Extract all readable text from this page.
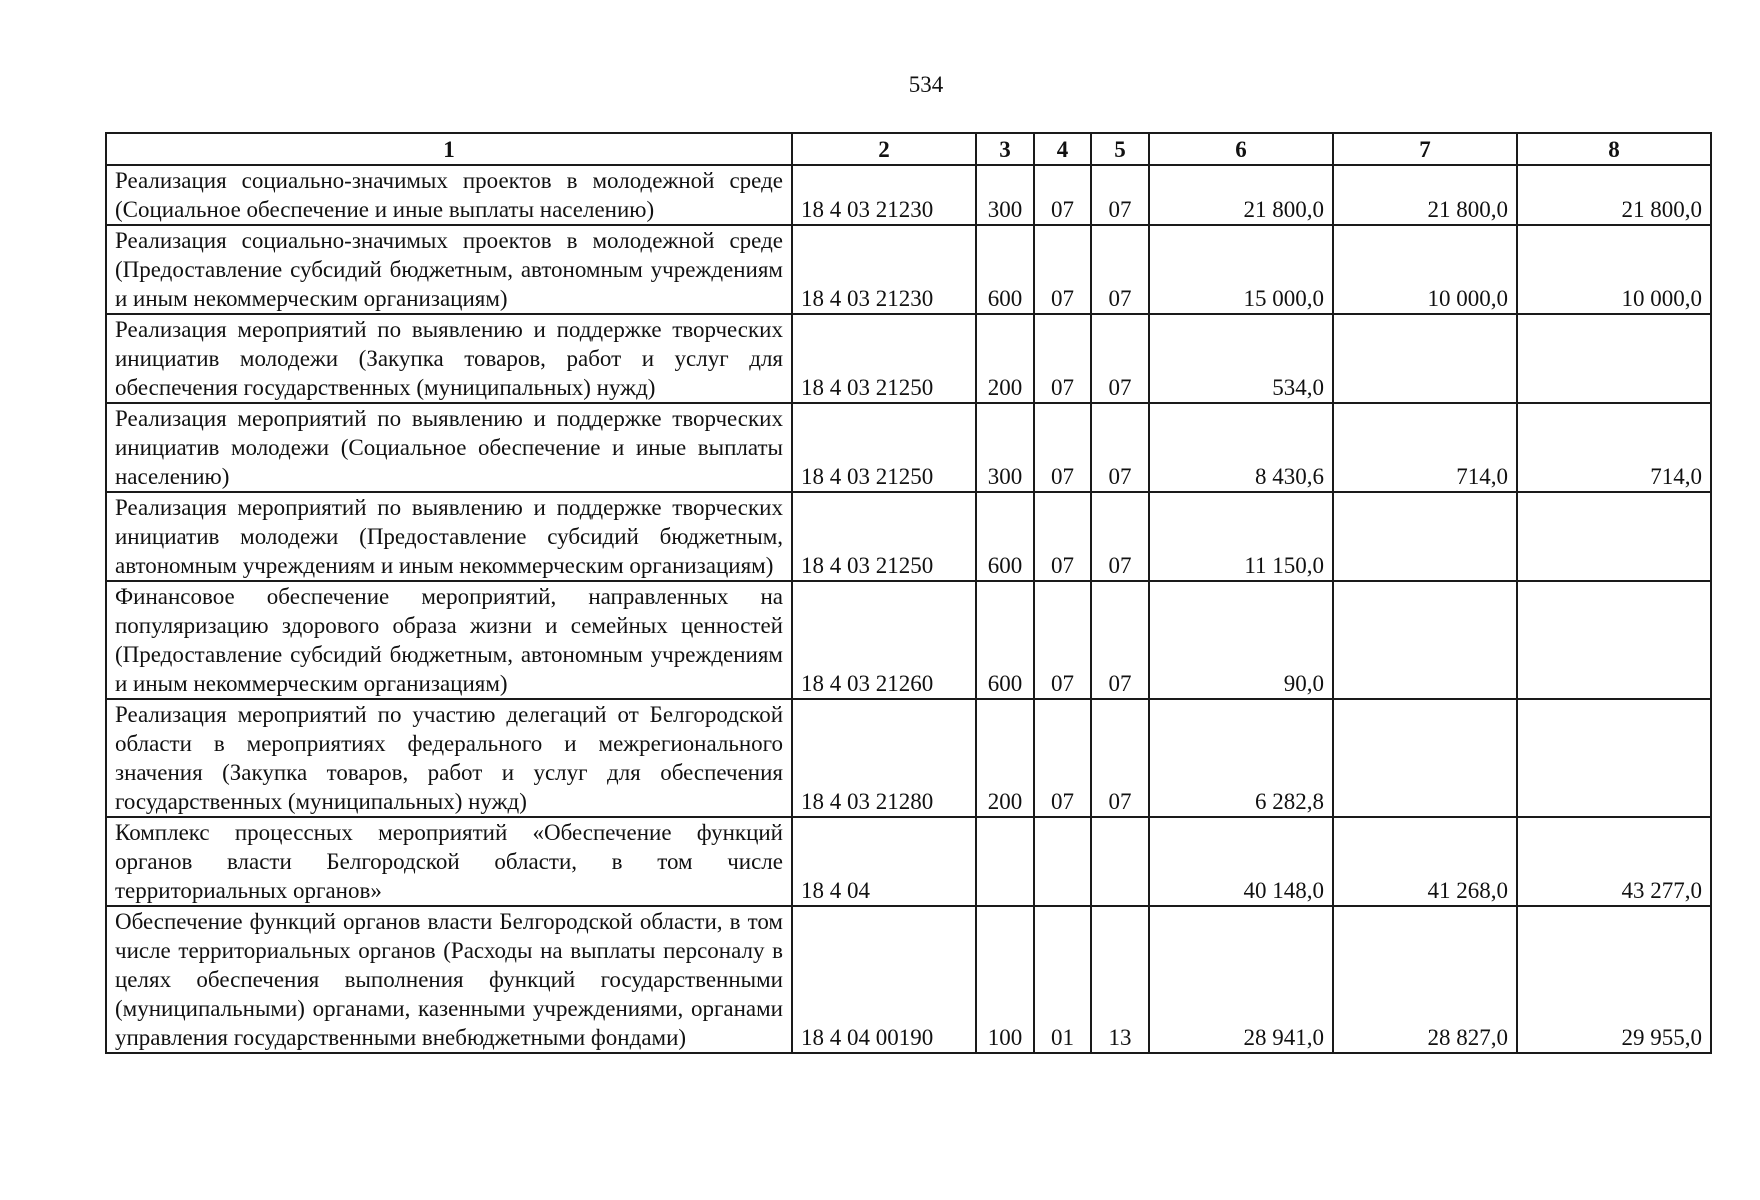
534
1	2	3	4	5	6	7	8
Реализация социально-значимых проектов в молодежной среде (Социальное обеспечение и иные выплаты населению)	18 4 03 21230	300	07	07	21 800,0	21 800,0	21 800,0
Реализация социально-значимых проектов в молодежной среде (Предоставление субсидий бюджетным, автономным учреждениям и иным некоммерческим организациям)	18 4 03 21230	600	07	07	15 000,0	10 000,0	10 000,0
Реализация мероприятий по выявлению и поддержке творческих инициатив молодежи (Закупка товаров, работ и услуг для обеспечения государственных (муниципальных) нужд)	18 4 03 21250	200	07	07	534,0		
Реализация мероприятий по выявлению и поддержке творческих инициатив молодежи (Социальное обеспечение и иные выплаты населению)	18 4 03 21250	300	07	07	8 430,6	714,0	714,0
Реализация мероприятий по выявлению и поддержке творческих инициатив молодежи (Предоставление субсидий бюджетным, автономным учреждениям и иным некоммерческим организациям)	18 4 03 21250	600	07	07	11 150,0		
Финансовое обеспечение мероприятий, направленных на популяризацию здорового образа жизни и семейных ценностей (Предоставление субсидий бюджетным, автономным учреждениям и иным некоммерческим организациям)	18 4 03 21260	600	07	07	90,0		
Реализация мероприятий по участию делегаций от Белгородской области в мероприятиях федерального и межрегионального значения (Закупка товаров, работ и услуг для обеспечения государственных (муниципальных) нужд)	18 4 03 21280	200	07	07	6 282,8		
Комплекс процессных мероприятий «Обеспечение функций органов власти Белгородской области, в том числе территориальных органов»	18 4 04				40 148,0	41 268,0	43 277,0
Обеспечение функций органов власти Белгородской области, в том числе территориальных органов (Расходы на выплаты персоналу в целях обеспечения выполнения функций государственными (муниципальными) органами, казенными учреждениями, органами управления государственными внебюджетными фондами)	18 4 04 00190	100	01	13	28 941,0	28 827,0	29 955,0
